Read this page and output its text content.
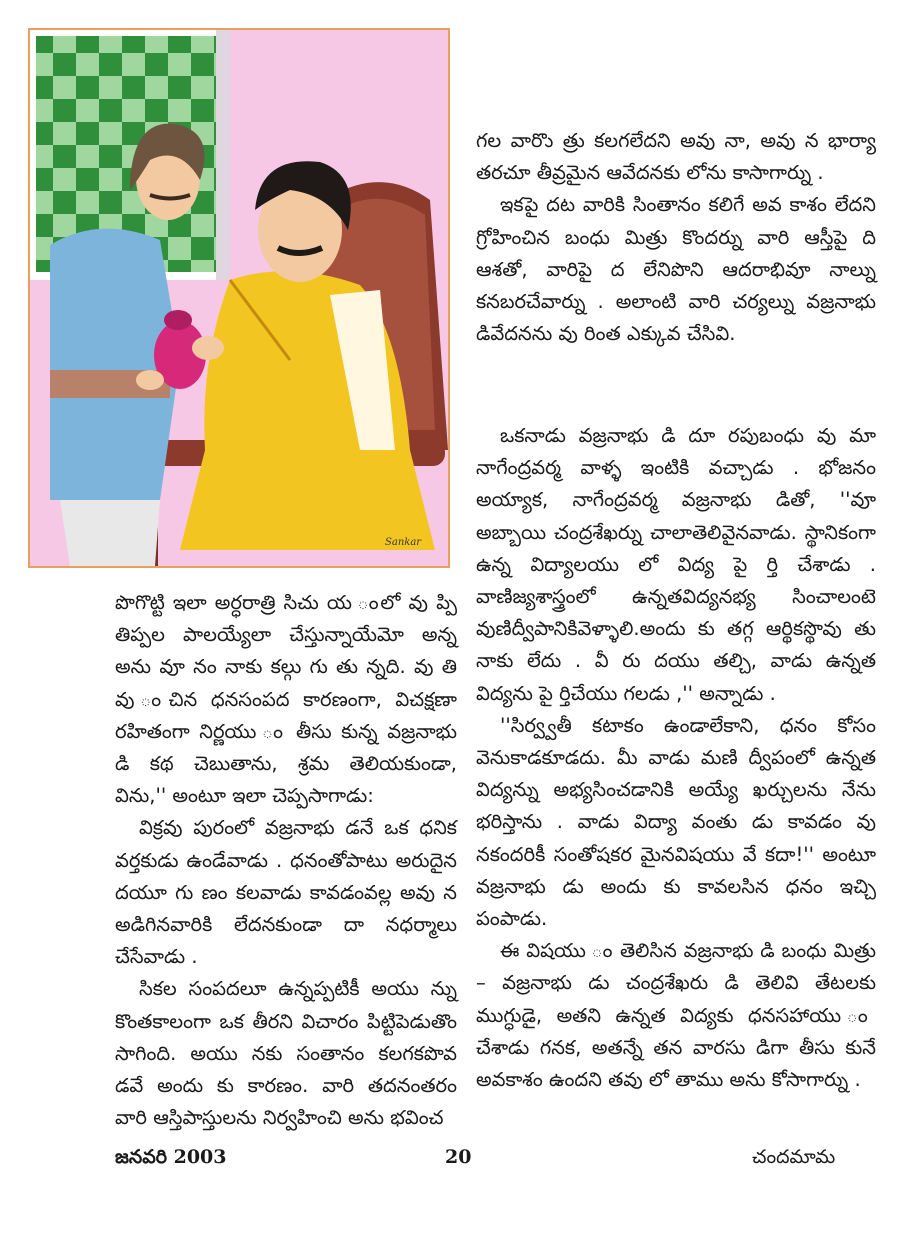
Sankar

గల వారొు త్రు కలగలేదని అవు నా, అవు న భార్యా తరచూ తీవ్రమైన ఆవేదనకు లోను కాసాగార్ను .

ఇకపై దట వారికి సింతానం కలిగే అవ కాశం లేదని గ్రోహించిన బంధు మిత్రు కొందర్ను వారి ఆస్తీపై ది ఆశతో, వారిపై ద లేనిపొని ఆదరాభివూ నాల్ను కనబరచేవార్ను . అలాంటి వారి చర్యల్ను వజ్రనాభు డివేదనను వు రింత ఎక్కువ చేసివి.

ఒకనాడు వజ్రనాభు డి దూ రపుబంధు వు మా నాగేంద్రవర్మ వాళ్ళ ఇంటికి వచ్చాడు . భోజనం అయ్యాక, నాగేంద్రవర్మ వజ్రనాభు డితో, ''వూ అబ్బాయి చంద్రశేఖర్ను చాలాతెలివైనవాడు. స్థానికంగా ఉన్న విద్యాలయు లో విద్య పై ర్తి చేశాడు . వాణిజ్యశాస్త్రంలో ఉన్నతవిద్యనభ్య సించాలంటె వుణిద్వీపానికివెళ్ళాలి.అందు కు తగ్గ ఆర్థికస్థొవు తు నాకు లేదు . వీ రు దయు తల్చి, వాడు ఉన్నత విద్యను పై ర్తిచేయు గలడు ,'' అన్నాడు .

''సిర్వ్వతీ కటాకం ఉండాలేకాని, ధనం కోసం వెనుకాడకూడదు. మీ వాడు మణి ద్వీపంలో ఉన్నత విద్యన్ను అభ్యసించడానికి అయ్యే ఖర్చులను నేను భరిస్తాను . వాడు విద్యా వంతు డు కావడం వు నకందరికీ సంతోషకర మైనవిషయు వే కదా!'' అంటూ వజ్రనాభు డు అందు కు కావలసిన ధనం ఇచ్చి పంపాడు.

ఈ విషయు ం తెలిసిన వజ్రనాభు డి బంధు మిత్రు – వజ్రనాభు డు చంద్రశేఖరు డి తెలివి తేటలకు ముగ్ధుడై, అతని ఉన్నత విద్యకు ధనసహాయు ం చేశాడు గనక, అతన్నే తన వారసు డిగా తీసు కునే అవకాశం ఉందని తవు లో తాము అను కోసాగార్ను .

పొగొట్టి ఇలా అర్ధరాత్రి సిచు య ంలో వు ప్పి తిప్పల పాలయ్యేలా చేస్తున్నాయేమో అన్న అను వూ నం నాకు కల్గు గు తు న్నది. వు తి వు ంచిన ధనసంపద కారణంగా, విచక్షణా రహితంగా నిర్ణయు ం తీసు కున్న వజ్రనాభు డి కథ చెబుతాను, శ్రమ తెలియకుండా, విను,'' అంటూ ఇలా చెప్పసాగాడు:

విక్రవు పురంలో వజ్రనాభు డనే ఒక ధనిక వర్తకుడు ఉండేవాడు . ధనంతోపాటు అరుదైన దయూ గు ణం కలవాడు కావడంవల్ల అవు న అడిగినవారికి లేదనకుండా దా నధర్మాలు చేసేవాడు .

సికల సంపదలూ ఉన్నప్పటికీ అయు న్ను కొంతకాలంగా ఒక తీరని విచారం పిట్టిపెడుతొం సాగింది. అయు నకు సంతానం కలగకపొవ డవే అందు కు కారణం. వారి తదనంతరం వారి ఆస్తిపాస్తులను నిర్వహించి అను భవించ

జనవరి 2003	20	చందమామ
